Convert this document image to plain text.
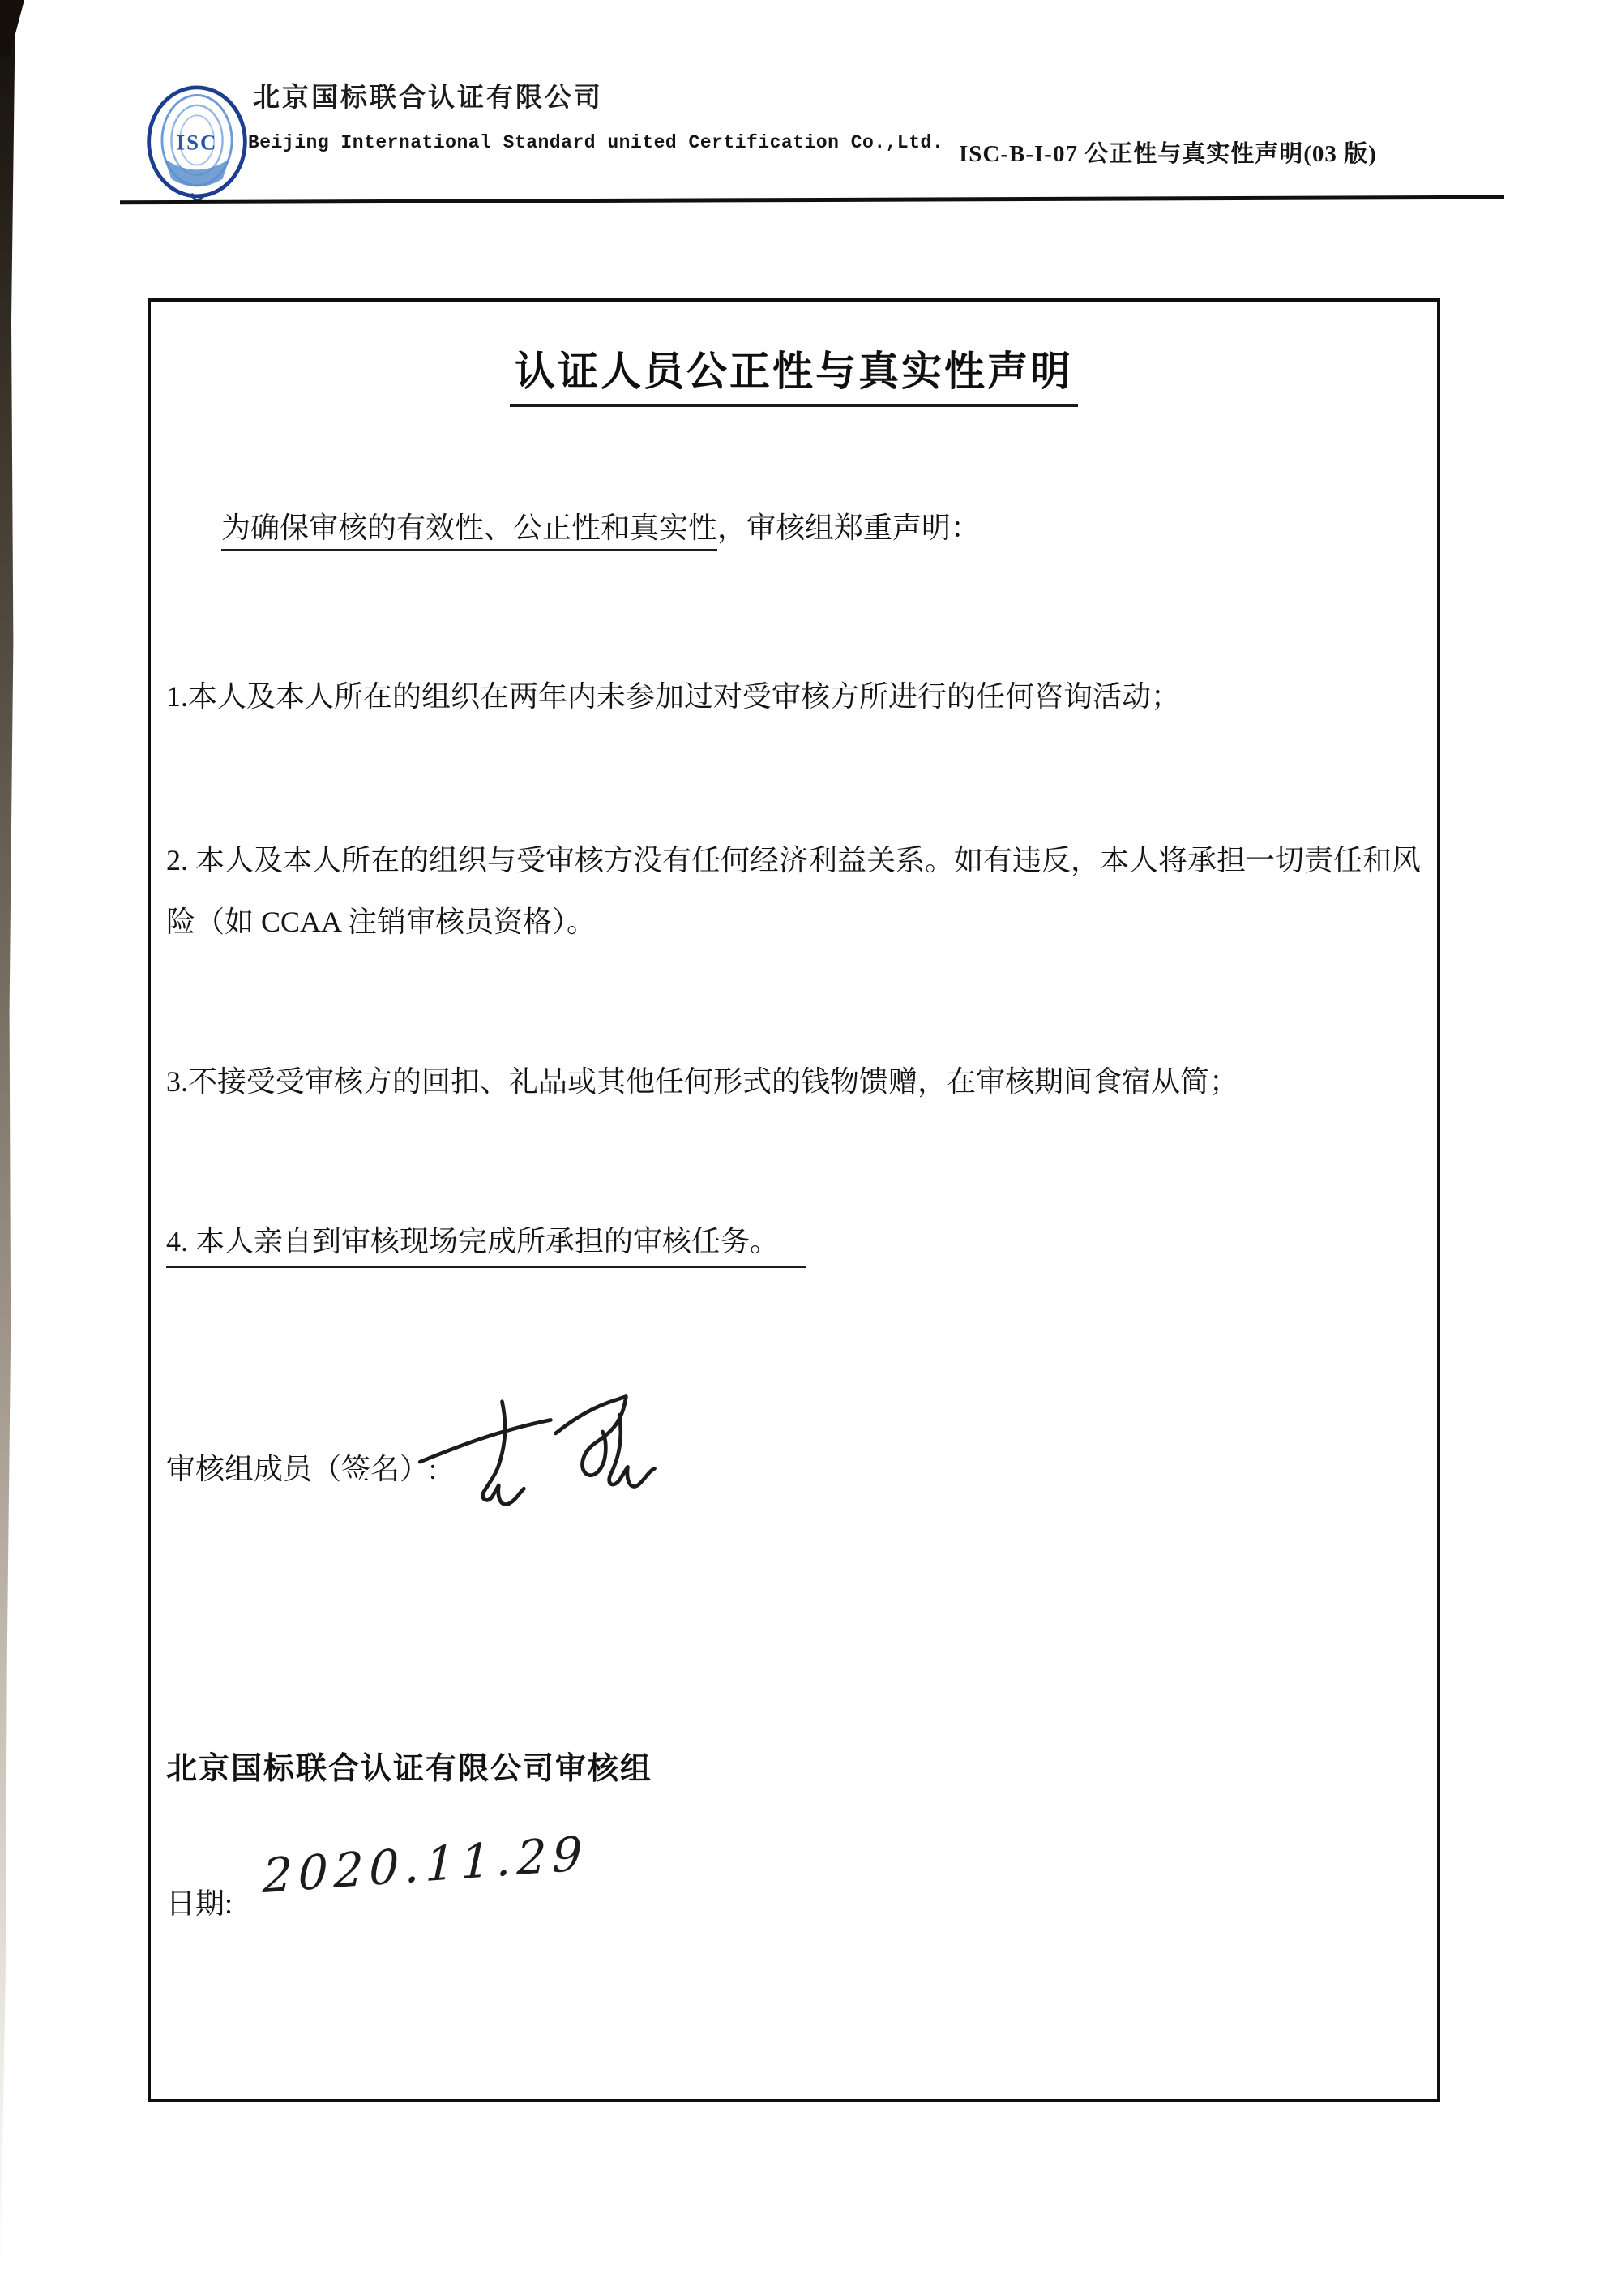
ISC
北京国标联合认证有限公司
Beijing International Standard united Certification Co.,Ltd. ISC-B-I-07 公正性与真实性声明(03 版)
认证人员公正性与真实性声明
为确保审核的有效性、公正性和真实性，审核组郑重声明：
1.本人及本人所在的组织在两年内未参加过对受审核方所进行的任何咨询活动；
2. 本人及本人所在的组织与受审核方没有任何经济利益关系。如有违反，本人将承担一切责任和风险（如 CCAA 注销审核员资格）。
3.不接受受审核方的回扣、礼品或其他任何形式的钱物馈赠，在审核期间食宿从简；
4. 本人亲自到审核现场完成所承担的审核任务。
审核组成员（签名）:
北京国标联合认证有限公司审核组
日期: 2020.11.29
